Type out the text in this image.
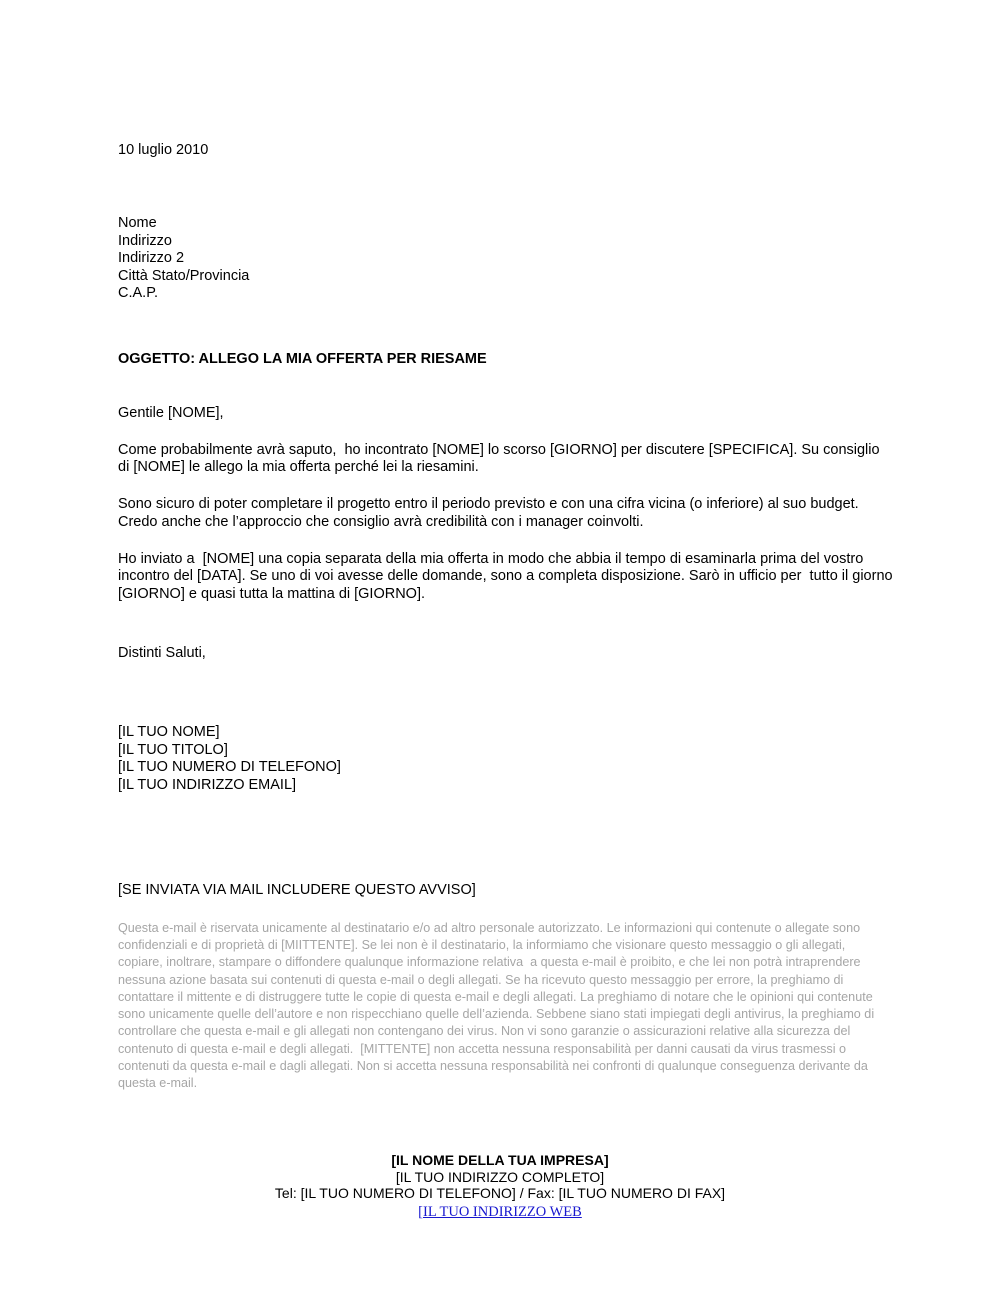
10 luglio 2010
Nome
Indirizzo
Indirizzo 2
Città Stato/Provincia
C.A.P.
OGGETTO: ALLEGO LA MIA OFFERTA PER RIESAME
Gentile [NOME],
Come probabilmente avrà saputo,  ho incontrato [NOME] lo scorso [GIORNO] per discutere [SPECIFICA]. Su consiglio di [NOME] le allego la mia offerta perché lei la riesamini.
Sono sicuro di poter completare il progetto entro il periodo previsto e con una cifra vicina (o inferiore) al suo budget. Credo anche che l’approccio che consiglio avrà credibilità con i manager coinvolti.
Ho inviato a  [NOME] una copia separata della mia offerta in modo che abbia il tempo di esaminarla prima del vostro incontro del [DATA]. Se uno di voi avesse delle domande, sono a completa disposizione. Sarò in ufficio per  tutto il giorno [GIORNO] e quasi tutta la mattina di [GIORNO].
Distinti Saluti,
[IL TUO NOME]
[IL TUO TITOLO]
[IL TUO NUMERO DI TELEFONO]
[IL TUO INDIRIZZO EMAIL]
[SE INVIATA VIA MAIL INCLUDERE QUESTO AVVISO]
Questa e-mail è riservata unicamente al destinatario e/o ad altro personale autorizzato. Le informazioni qui contenute o allegate sono confidenziali e di proprietà di [MIITTENTE]. Se lei non è il destinatario, la informiamo che visionare questo messaggio o gli allegati, copiare, inoltrare, stampare o diffondere qualunque informazione relativa  a questa e-mail è proibito, e che lei non potrà intraprendere nessuna azione basata sui contenuti di questa e-mail o degli allegati. Se ha ricevuto questo messaggio per errore, la preghiamo di contattare il mittente e di distruggere tutte le copie di questa e-mail e degli allegati. La preghiamo di notare che le opinioni qui contenute sono unicamente quelle dell’autore e non rispecchiano quelle dell’azienda. Sebbene siano stati impiegati degli antivirus, la preghiamo di controllare che questa e-mail e gli allegati non contengano dei virus. Non vi sono garanzie o assicurazioni relative alla sicurezza del contenuto di questa e-mail e degli allegati.  [MITTENTE] non accetta nessuna responsabilità per danni causati da virus trasmessi o contenuti da questa e-mail e dagli allegati. Non si accetta nessuna responsabilità nei confronti di qualunque conseguenza derivante da questa e-mail.
[IL NOME DELLA TUA IMPRESA]
[IL TUO INDIRIZZO COMPLETO]
Tel: [IL TUO NUMERO DI TELEFONO] / Fax: [IL TUO NUMERO DI FAX]
[IL TUO INDIRIZZO WEB
